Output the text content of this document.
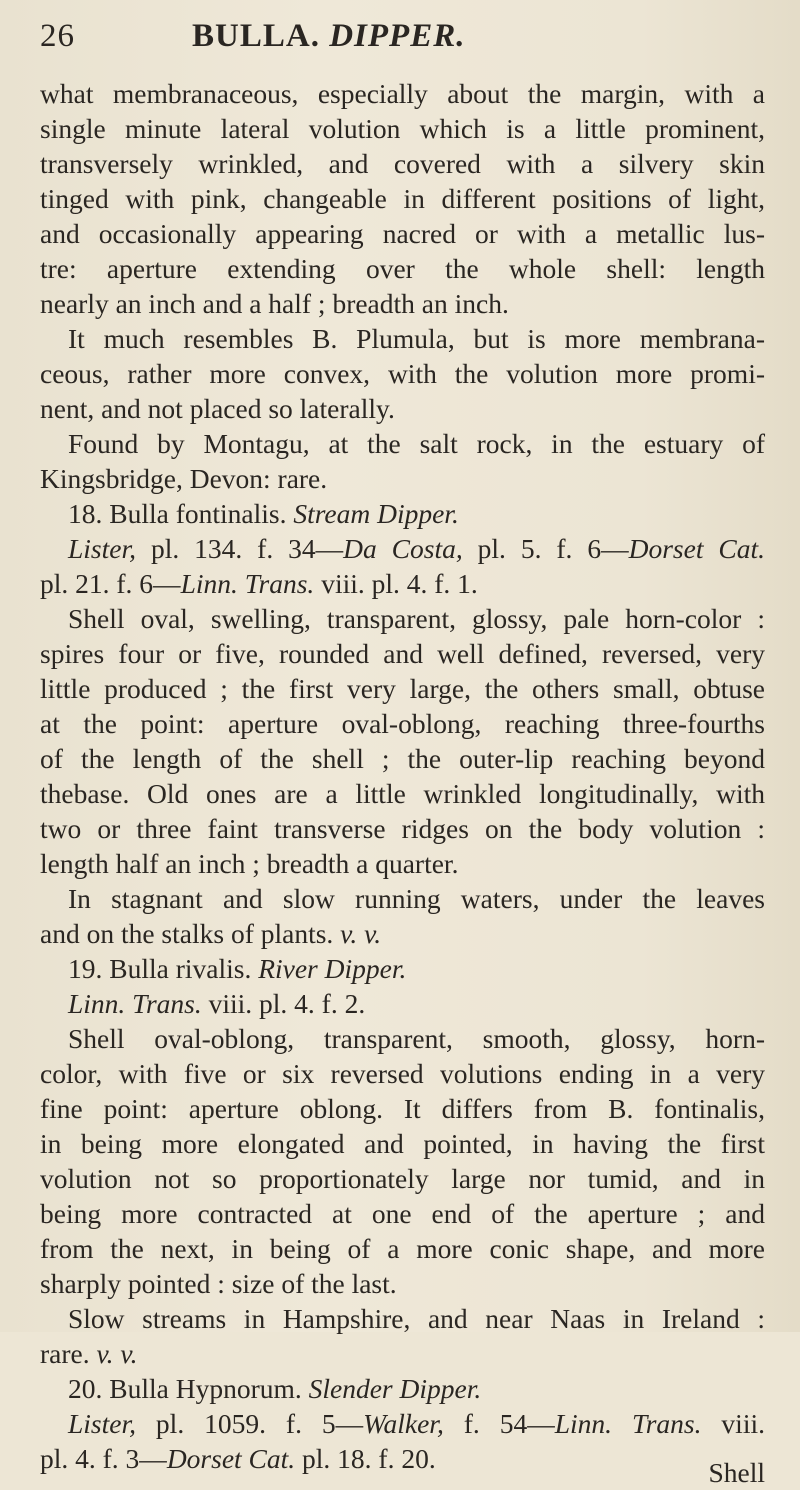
26	BULLA. DIPPER.
what membranaceous, especially about the margin, with a
single minute lateral volution which is a little prominent,
transversely wrinkled, and covered with a silvery skin
tinged with pink, changeable in different positions of light,
and occasionally appearing nacred or with a metallic lus-
tre: aperture extending over the whole shell: length
nearly an inch and a half ; breadth an inch.
It much resembles B. Plumula, but is more membrana-
ceous, rather more convex, with the volution more promi-
nent, and not placed so laterally.
Found by Montagu, at the salt rock, in the estuary of
Kingsbridge, Devon: rare.
18. Bulla fontinalis. Stream Dipper.
Lister, pl. 134. f. 34—Da Costa, pl. 5. f. 6—Dorset Cat.
pl. 21. f. 6—Linn. Trans. viii. pl. 4. f. 1.
Shell oval, swelling, transparent, glossy, pale horn-color :
spires four or five, rounded and well defined, reversed, very
little produced ; the first very large, the others small, obtuse
at the point: aperture oval-oblong, reaching three-fourths
of the length of the shell ; the outer-lip reaching beyond
thebase. Old ones are a little wrinkled longitudinally, with
two or three faint transverse ridges on the body volution :
length half an inch ; breadth a quarter.
In stagnant and slow running waters, under the leaves
and on the stalks of plants. v. v.
19. Bulla rivalis. River Dipper.
Linn. Trans. viii. pl. 4. f. 2.
Shell oval-oblong, transparent, smooth, glossy, horn-
color, with five or six reversed volutions ending in a very
fine point: aperture oblong. It differs from B. fontinalis,
in being more elongated and pointed, in having the first
volution not so proportionately large nor tumid, and in
being more contracted at one end of the aperture ; and
from the next, in being of a more conic shape, and more
sharply pointed : size of the last.
Slow streams in Hampshire, and near Naas in Ireland :
rare. v. v.
20. Bulla Hypnorum. Slender Dipper.
Lister, pl. 1059. f. 5—Walker, f. 54—Linn. Trans. viii.
pl. 4. f. 3—Dorset Cat. pl. 18. f. 20.	Shell
